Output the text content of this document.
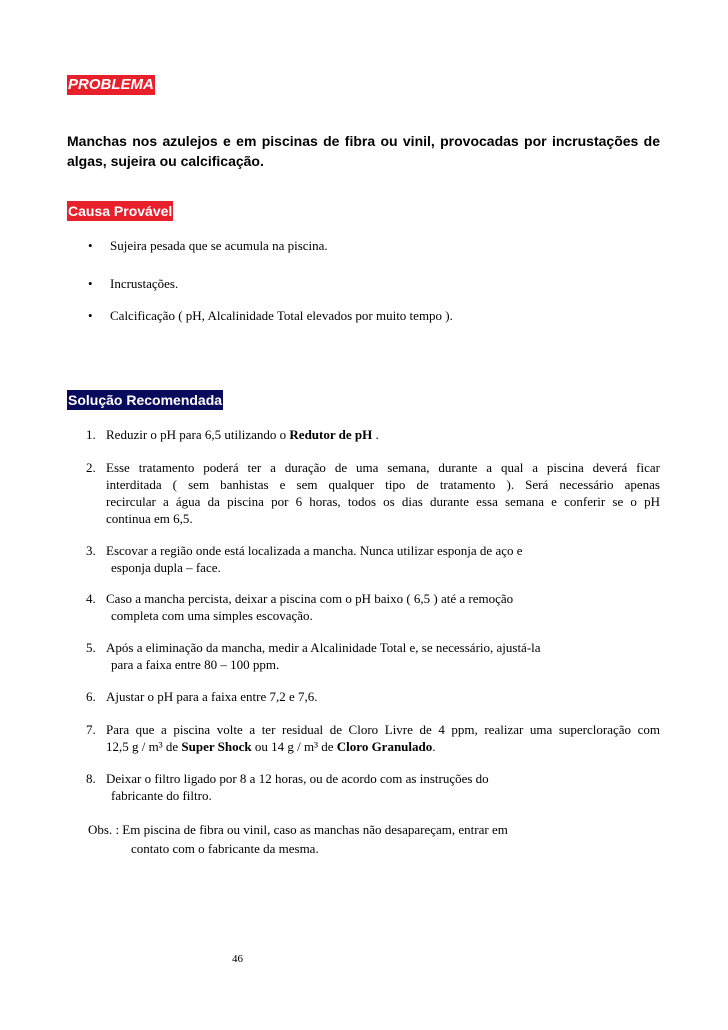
PROBLEMA
Manchas nos azulejos e em piscinas de fibra ou vinil, provocadas por incrustações de algas, sujeira ou calcificação.
Causa Provável
• Sujeira pesada que se acumula na piscina.
• Incrustações.
• Calcificação ( pH, Alcalinidade Total elevados por muito tempo ).
Solução Recomendada
1. Reduzir o pH para 6,5 utilizando o Redutor de pH .
2. Esse tratamento poderá ter a duração de uma semana, durante a qual a piscina deverá ficar
interditada ( sem banhistas e sem qualquer tipo de tratamento ). Será necessário apenas
recircular a água da piscina por 6 horas, todos os dias durante essa semana e conferir se o pH
continua em 6,5.
3. Escovar a região onde está localizada a mancha. Nunca utilizar esponja de aço e
esponja dupla – face.
4. Caso a mancha percista, deixar a piscina com o pH baixo ( 6,5 ) até a remoção
completa com uma simples escovação.
5. Após a eliminação da mancha, medir a Alcalinidade Total e, se necessário, ajustá-la
para a faixa entre 80 – 100 ppm.
6. Ajustar o pH para a faixa entre 7,2 e 7,6.
7. Para que a piscina volte a ter residual de Cloro Livre de 4 ppm, realizar uma supercloração com
12,5 g / m³ de Super Shock ou 14 g / m³ de Cloro Granulado.
8. Deixar o filtro ligado por 8 a 12 horas, ou de acordo com as instruções do
fabricante do filtro.
Obs. : Em piscina de fibra ou vinil, caso as manchas não desapareçam, entrar em
contato com o fabricante da mesma.
46
